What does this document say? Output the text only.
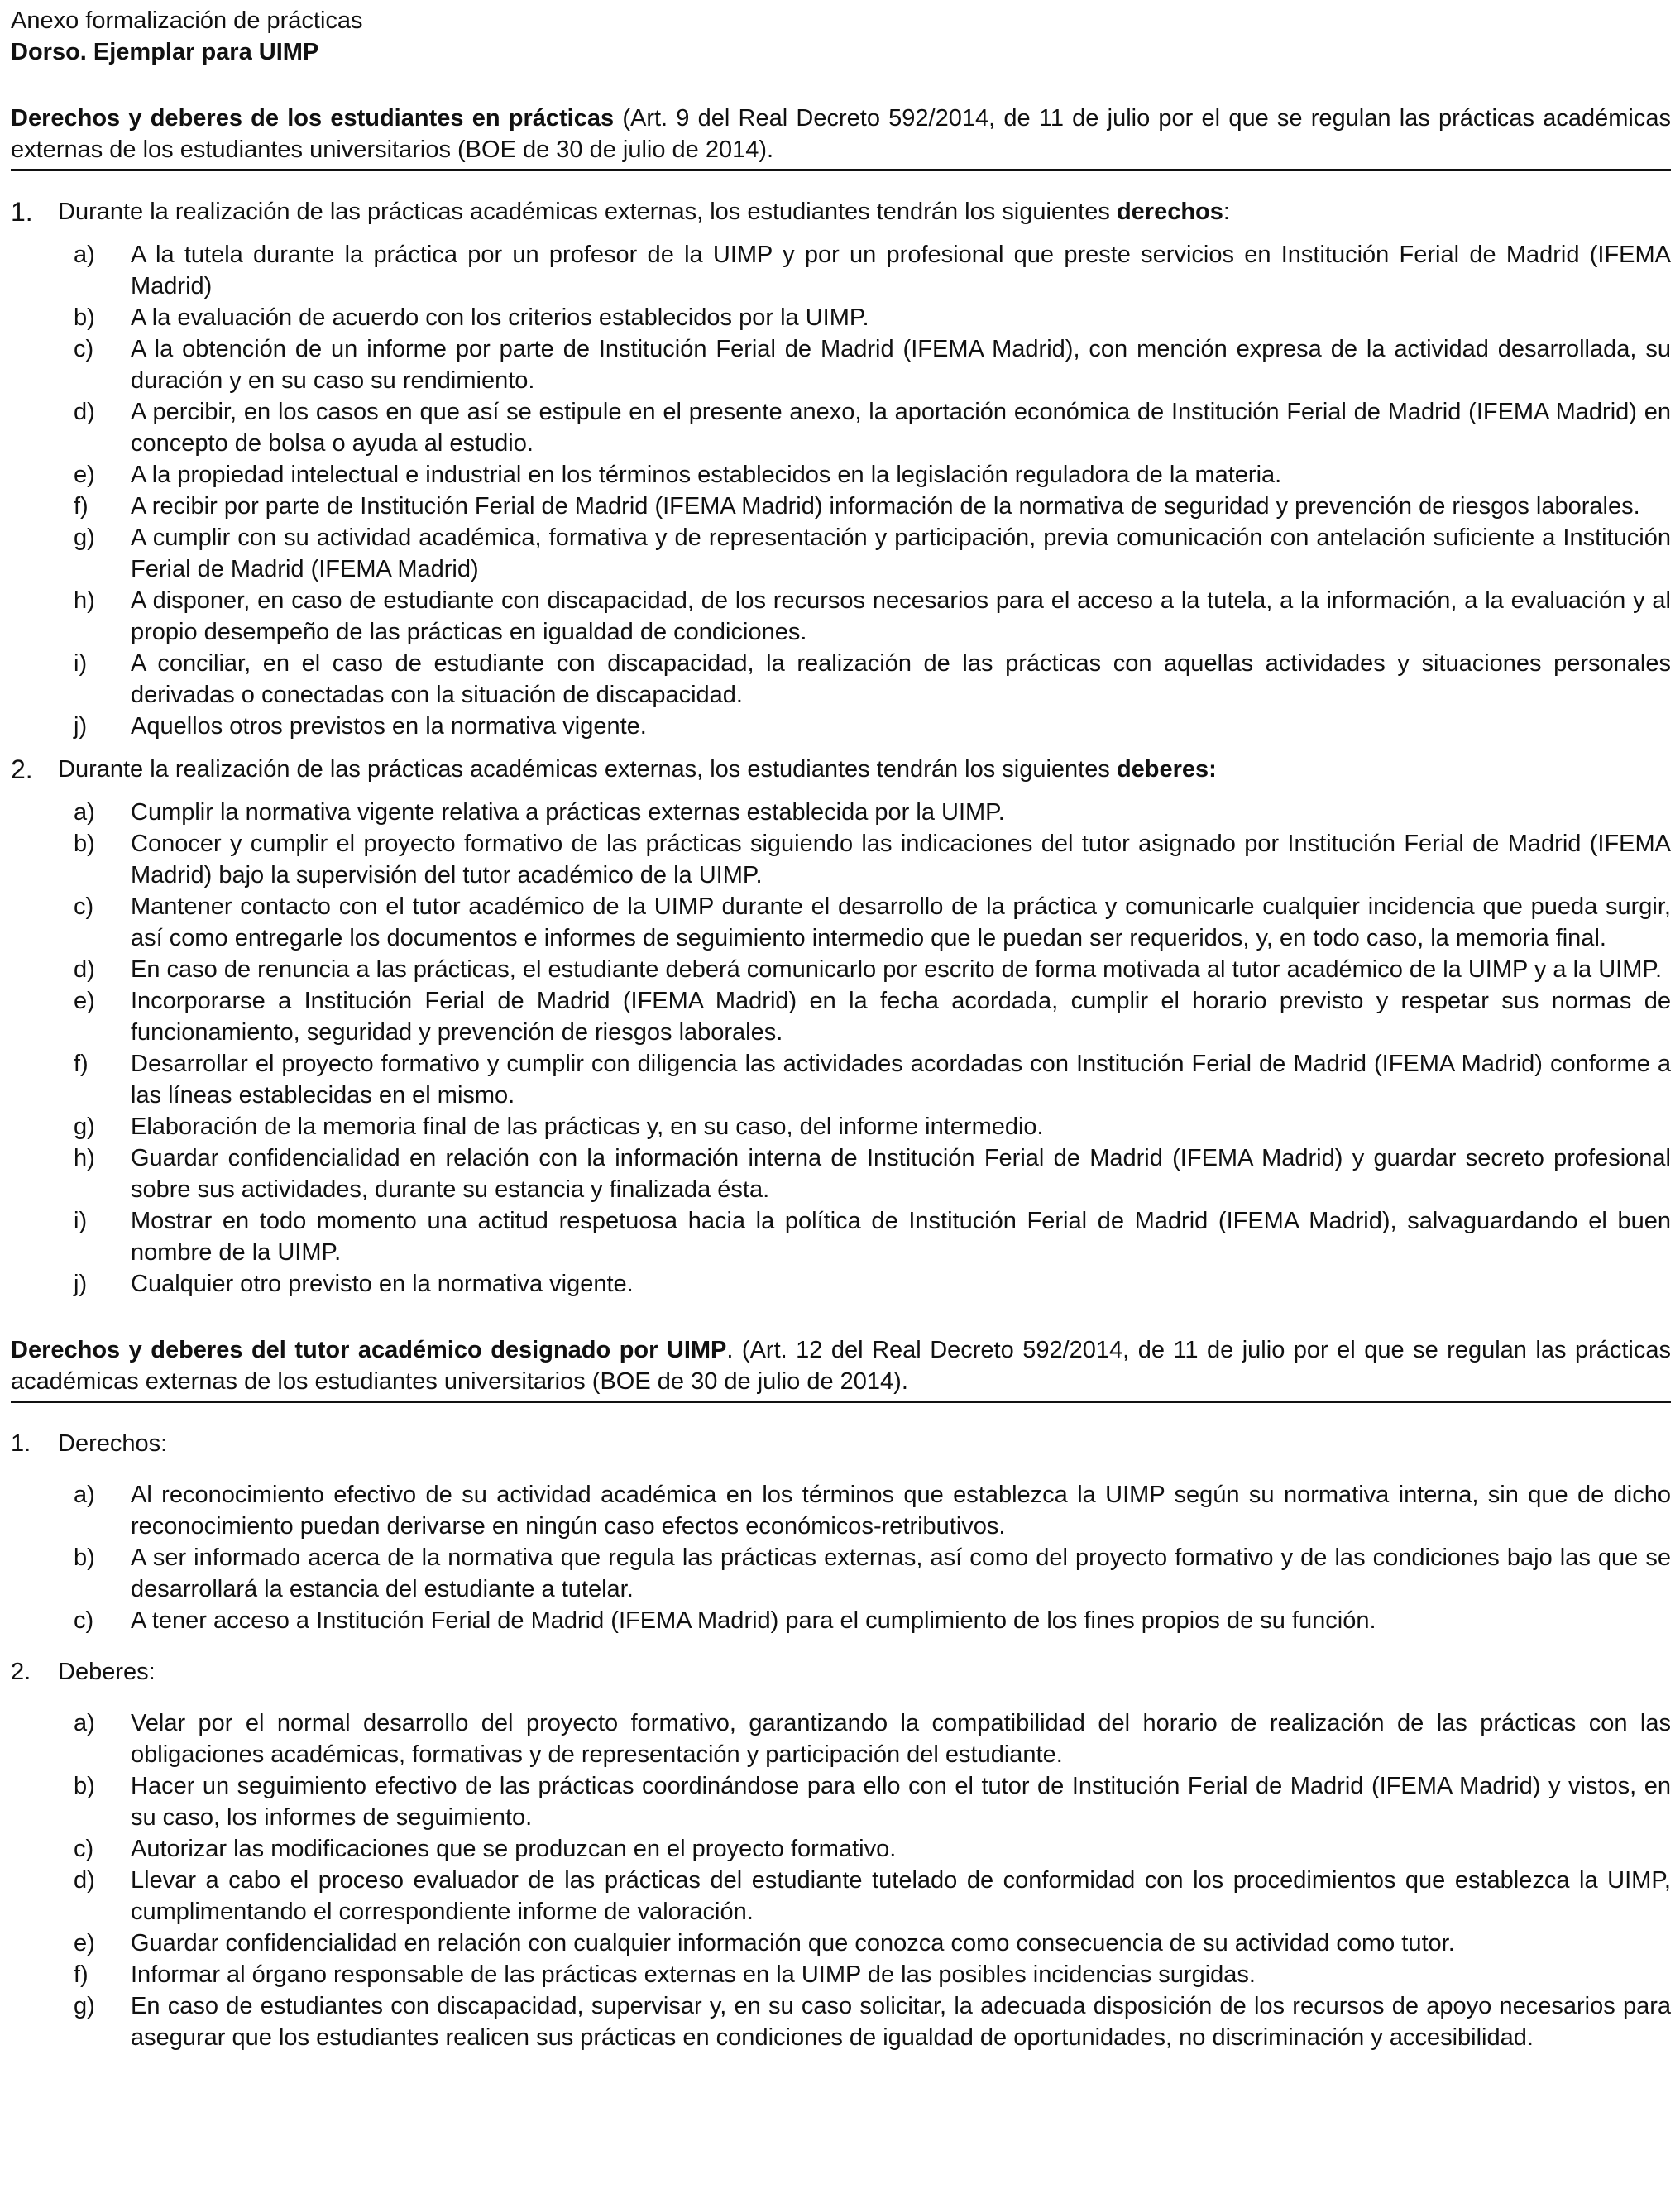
Anexo formalización de prácticas
Dorso. Ejemplar para UIMP
Derechos y deberes de los estudiantes en prácticas (Art. 9 del Real Decreto 592/2014, de 11 de julio por el que se regulan las prácticas académicas externas de los estudiantes universitarios (BOE de 30 de julio de 2014).
1. Durante la realización de las prácticas académicas externas, los estudiantes tendrán los siguientes derechos:
a) A la tutela durante la práctica por un profesor de la UIMP y por un profesional que preste servicios en Institución Ferial de Madrid (IFEMA Madrid)
b) A la evaluación de acuerdo con los criterios establecidos por la UIMP.
c) A la obtención de un informe por parte de Institución Ferial de Madrid (IFEMA Madrid), con mención expresa de la actividad desarrollada, su duración y en su caso su rendimiento.
d) A percibir, en los casos en que así se estipule en el presente anexo, la aportación económica de Institución Ferial de Madrid (IFEMA Madrid) en concepto de bolsa o ayuda al estudio.
e) A la propiedad intelectual e industrial en los términos establecidos en la legislación reguladora de la materia.
f) A recibir por parte de Institución Ferial de Madrid (IFEMA Madrid) información de la normativa de seguridad y prevención de riesgos laborales.
g) A cumplir con su actividad académica, formativa y de representación y participación, previa comunicación con antelación suficiente a Institución Ferial de Madrid (IFEMA Madrid)
h) A disponer, en caso de estudiante con discapacidad, de los recursos necesarios para el acceso a la tutela, a la información, a la evaluación y al propio desempeño de las prácticas en igualdad de condiciones.
i) A conciliar, en el caso de estudiante con discapacidad, la realización de las prácticas con aquellas actividades y situaciones personales derivadas o conectadas con la situación de discapacidad.
j) Aquellos otros previstos en la normativa vigente.
2. Durante la realización de las prácticas académicas externas, los estudiantes tendrán los siguientes deberes:
a) Cumplir la normativa vigente relativa a prácticas externas establecida por la UIMP.
b) Conocer y cumplir el proyecto formativo de las prácticas siguiendo las indicaciones del tutor asignado por Institución Ferial de Madrid (IFEMA Madrid) bajo la supervisión del tutor académico de la UIMP.
c) Mantener contacto con el tutor académico de la UIMP durante el desarrollo de la práctica y comunicarle cualquier incidencia que pueda surgir, así como entregarle los documentos e informes de seguimiento intermedio que le puedan ser requeridos, y, en todo caso, la memoria final.
d) En caso de renuncia a las prácticas, el estudiante deberá comunicarlo por escrito de forma motivada al tutor académico de la UIMP y a la UIMP.
e) Incorporarse a Institución Ferial de Madrid (IFEMA Madrid) en la fecha acordada, cumplir el horario previsto y respetar sus normas de funcionamiento, seguridad y prevención de riesgos laborales.
f) Desarrollar el proyecto formativo y cumplir con diligencia las actividades acordadas con Institución Ferial de Madrid (IFEMA Madrid) conforme a las líneas establecidas en el mismo.
g) Elaboración de la memoria final de las prácticas y, en su caso, del informe intermedio.
h) Guardar confidencialidad en relación con la información interna de Institución Ferial de Madrid (IFEMA Madrid) y guardar secreto profesional sobre sus actividades, durante su estancia y finalizada ésta.
i) Mostrar en todo momento una actitud respetuosa hacia la política de Institución Ferial de Madrid (IFEMA Madrid), salvaguardando el buen nombre de la UIMP.
j) Cualquier otro previsto en la normativa vigente.
Derechos y deberes del tutor académico designado por UIMP. (Art. 12 del Real Decreto 592/2014, de 11 de julio por el que se regulan las prácticas académicas externas de los estudiantes universitarios (BOE de 30 de julio de 2014).
1. Derechos:
a) Al reconocimiento efectivo de su actividad académica en los términos que establezca la UIMP según su normativa interna, sin que de dicho reconocimiento puedan derivarse en ningún caso efectos económicos-retributivos.
b) A ser informado acerca de la normativa que regula las prácticas externas, así como del proyecto formativo y de las condiciones bajo las que se desarrollará la estancia del estudiante a tutelar.
c) A tener acceso a Institución Ferial de Madrid (IFEMA Madrid) para el cumplimiento de los fines propios de su función.
2. Deberes:
a) Velar por el normal desarrollo del proyecto formativo, garantizando la compatibilidad del horario de realización de las prácticas con las obligaciones académicas, formativas y de representación y participación del estudiante.
b) Hacer un seguimiento efectivo de las prácticas coordinándose para ello con el tutor de Institución Ferial de Madrid (IFEMA Madrid) y vistos, en su caso, los informes de seguimiento.
c) Autorizar las modificaciones que se produzcan en el proyecto formativo.
d) Llevar a cabo el proceso evaluador de las prácticas del estudiante tutelado de conformidad con los procedimientos que establezca la UIMP, cumplimentando el correspondiente informe de valoración.
e) Guardar confidencialidad en relación con cualquier información que conozca como consecuencia de su actividad como tutor.
f) Informar al órgano responsable de las prácticas externas en la UIMP de las posibles incidencias surgidas.
g) En caso de estudiantes con discapacidad, supervisar y, en su caso solicitar, la adecuada disposición de los recursos de apoyo necesarios para asegurar que los estudiantes realicen sus prácticas en condiciones de igualdad de oportunidades, no discriminación y accesibilidad.
